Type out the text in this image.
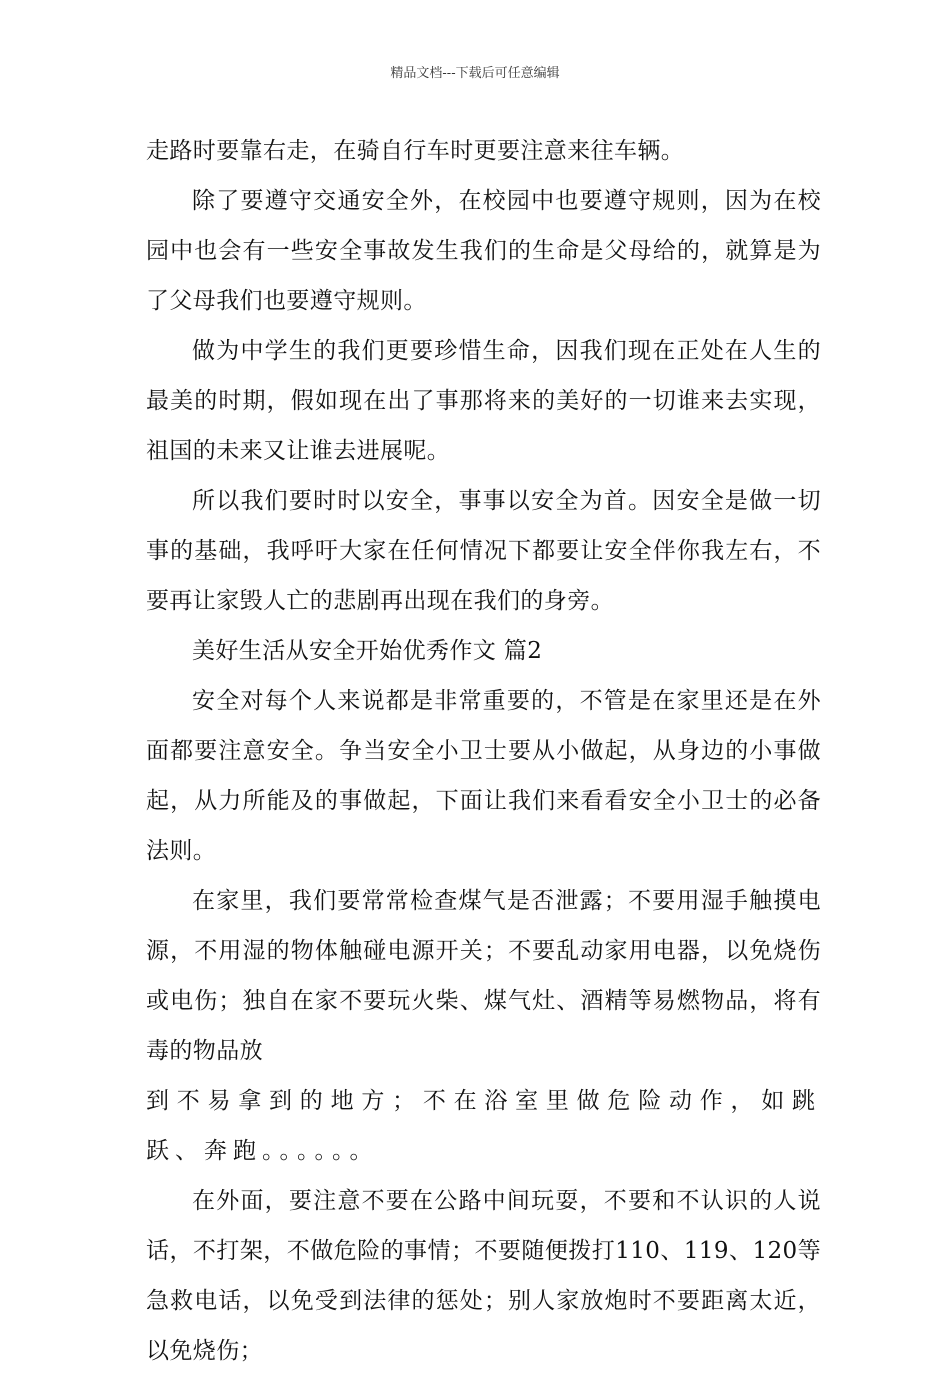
精品文档---下载后可任意编辑

走路时要靠右走，在骑自行车时更要注意来往车辆。

除了要遵守交通安全外，在校园中也要遵守规则，因为在校园中也会有一些安全事故发生我们的生命是父母给的，就算是为了父母我们也要遵守规则。

做为中学生的我们更要珍惜生命，因我们现在正处在人生的最美的时期，假如现在出了事那将来的美好的一切谁来去实现，祖国的未来又让谁去进展呢。

所以我们要时时以安全，事事以安全为首。因安全是做一切事的基础，我呼吁大家在任何情况下都要让安全伴你我左右，不要再让家毁人亡的悲剧再出现在我们的身旁。

美好生活从安全开始优秀作文 篇2

安全对每个人来说都是非常重要的，不管是在家里还是在外面都要注意安全。争当安全小卫士要从小做起，从身边的小事做起，从力所能及的事做起，下面让我们来看看安全小卫士的必备法则。

在家里，我们要常常检查煤气是否泄露；不要用湿手触摸电源，不用湿的物体触碰电源开关；不要乱动家用电器，以免烧伤或电伤；独自在家不要玩火柴、煤气灶、酒精等易燃物品，将有毒的物品放

到不易拿到的地方；不在浴室里做危险动作，如跳跃、奔跑。。。。。。

在外面，要注意不要在公路中间玩耍，不要和不认识的人说话，不打架，不做危险的事情；不要随便拨打110、119、120等急救电话，以免受到法律的惩处；别人家放炮时不要距离太近，以免烧伤；
